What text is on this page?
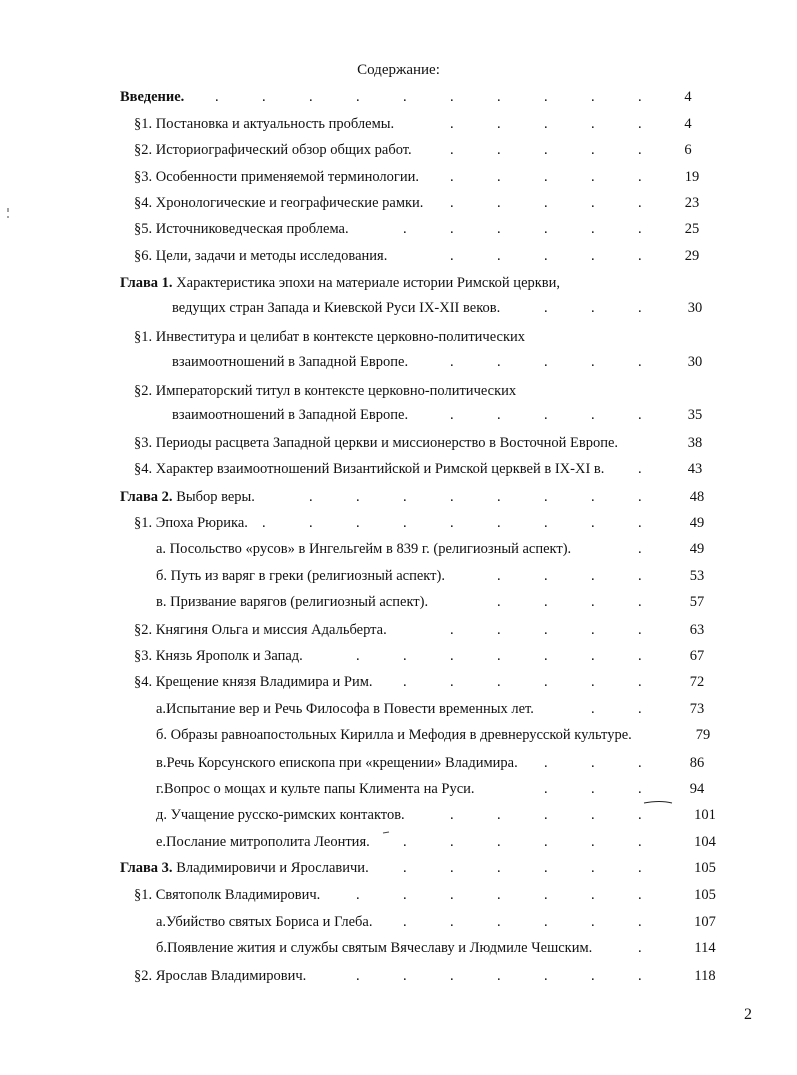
Содержание:
Введение. .	.	.	.	.	.	.	.	.	.	4
§1. Постановка и актуальность проблемы.	.	.	.	.	.	4
§2. Историографический обзор общих работ.	.	.	.	.	.	6
§3. Особенности применяемой терминологии. .	.	.	.	.	19
§4. Хронологические и географические рамки. .	.	.	.	.	23
§5. Источниковедческая проблема.	.	.	.	.	.	.	25
§6. Цели, задачи и методы исследования.	.	.	.	.	.	29
Глава 1. Характеристика эпохи на материале истории Римской церкви,
ведущих стран Запада и Киевской Руси IX-XII веков.	.	.	.	30
§1. Инвеститура и целибат в контексте церковно-политических
взаимоотношений в Западной Европе.	.	.	.	.	.	30
§2. Императорский титул в контексте церковно-политических
взаимоотношений в Западной Европе.	.	.	.	.	.	35
§3. Периоды расцвета Западной церкви и миссионерство в Восточной Европе.	38
§4. Характер взаимоотношений Византийской и Римской церквей в IX-XI в. .	43
Глава 2. Выбор веры.	.	.	.	.	.	.	.	.	48
§1. Эпоха Рюрика. .	.	.	.	.	.	.	.	.	49
а. Посольство «русов» в Ингельгейм в 839 г. (религиозный аспект).	.	49
б. Путь из варяг в греки (религиозный аспект).	.	.	.	.	53
в. Призвание варягов (религиозный аспект).	.	.	.	.	57
§2. Княгиня Ольга и миссия Адальберта.	.	.	.	.	.	63
§3. Князь Ярополк и Запад.	.	.	.	.	.	.	.	67
§4. Крещение князя Владимира и Рим. .	.	.	.	.	.	72
а.Испытание вер и Речь Философа в Повести временных лет.	.	.	73
б. Образы равноапостольных Кирилла и Мефодия в древнерусской культуре.	79
в.Речь Корсунского епископа при «крещении» Владимира. .	.	.	86
г.Вопрос о мощах и культе папы Климента на Руси.	.	.	.	94
д. Учащение русско-римских контактов.	.	.	.	.	.	101
е.Послание митрополита Леонтия. .	.	.	.	.	.	104
Глава 3. Владимировичи и Ярославичи. .	.	.	.	.	.	105
§1. Святополк Владимирович. .	.	.	.	.	.	.	105
а.Убийство святых Бориса и Глеба. .	.	.	.	.	.	107
б.Появление жития и службы святым Вячеславу и Людмиле Чешским.	.	114
§2. Ярослав Владимирович.	.	.	.	.	.	.	.	118
2
